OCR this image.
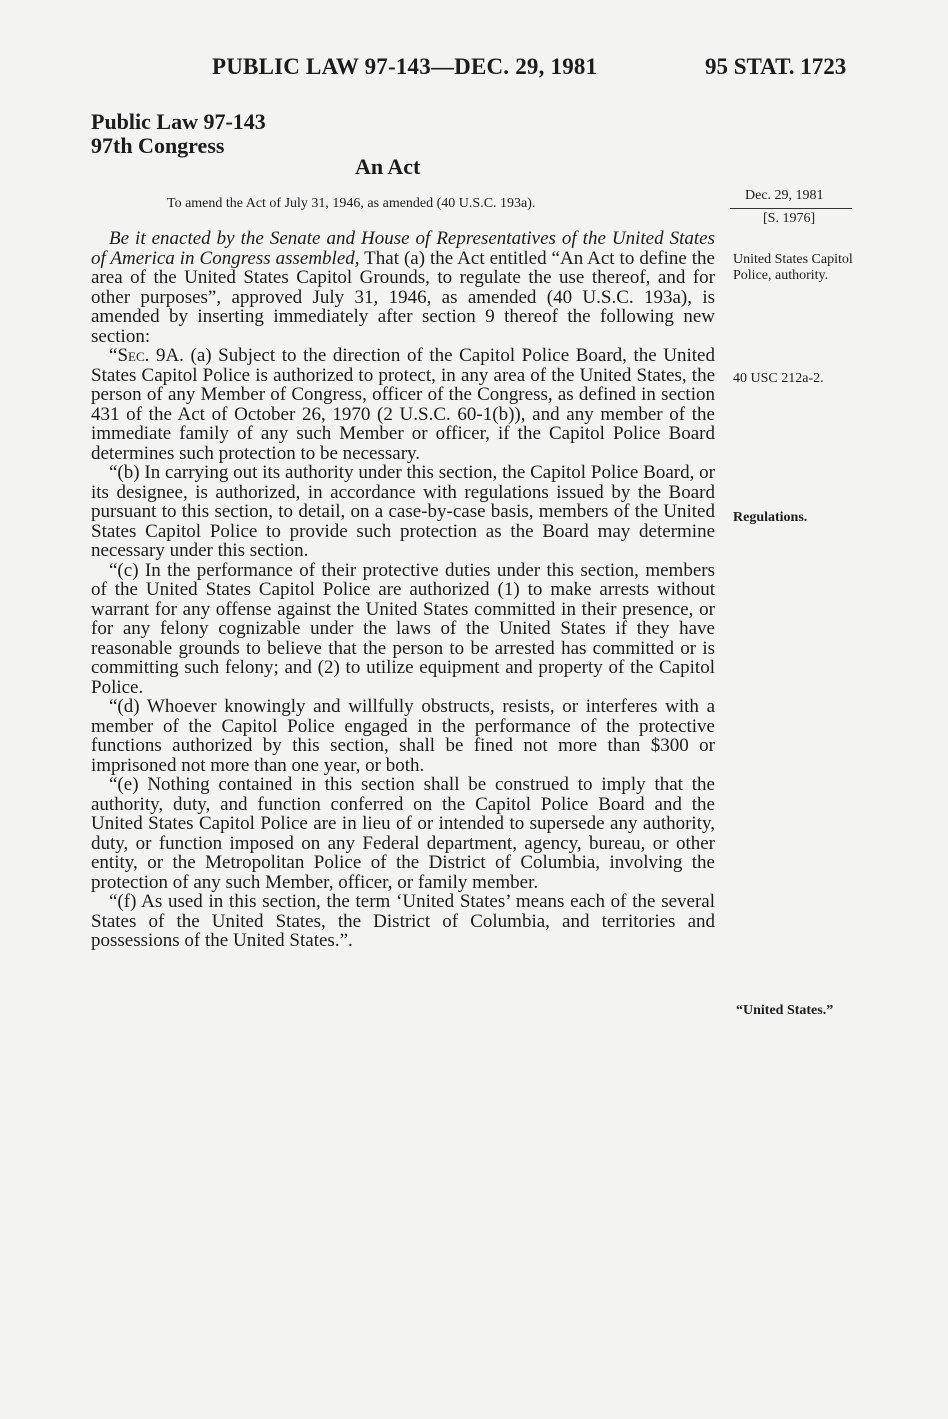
PUBLIC LAW 97-143—DEC. 29, 1981	95 STAT. 1723
Public Law 97-143
97th Congress
An Act
To amend the Act of July 31, 1946, as amended (40 U.S.C. 193a).
Dec. 29, 1981
[S. 1976]
United States Capitol Police, authority.
40 USC 212a-2.
Regulations.
“United States.”

Be it enacted by the Senate and House of Representatives of the United States of America in Congress assembled, That (a) the Act entitled “An Act to define the area of the United States Capitol Grounds, to regulate the use thereof, and for other purposes”, approved July 31, 1946, as amended (40 U.S.C. 193a), is amended by inserting immediately after section 9 thereof the following new section:

“Sec. 9A. (a) Subject to the direction of the Capitol Police Board, the United States Capitol Police is authorized to protect, in any area of the United States, the person of any Member of Congress, officer of the Congress, as defined in section 431 of the Act of October 26, 1970 (2 U.S.C. 60-1(b)), and any member of the immediate family of any such Member or officer, if the Capitol Police Board determines such protection to be necessary.

“(b) In carrying out its authority under this section, the Capitol Police Board, or its designee, is authorized, in accordance with regulations issued by the Board pursuant to this section, to detail, on a case-by-case basis, members of the United States Capitol Police to provide such protection as the Board may determine necessary under this section.

“(c) In the performance of their protective duties under this section, members of the United States Capitol Police are authorized (1) to make arrests without warrant for any offense against the United States committed in their presence, or for any felony cognizable under the laws of the United States if they have reasonable grounds to believe that the person to be arrested has committed or is committing such felony; and (2) to utilize equipment and property of the Capitol Police.

“(d) Whoever knowingly and willfully obstructs, resists, or interferes with a member of the Capitol Police engaged in the performance of the protective functions authorized by this section, shall be fined not more than $300 or imprisoned not more than one year, or both.

“(e) Nothing contained in this section shall be construed to imply that the authority, duty, and function conferred on the Capitol Police Board and the United States Capitol Police are in lieu of or intended to supersede any authority, duty, or function imposed on any Federal department, agency, bureau, or other entity, or the Metropolitan Police of the District of Columbia, involving the protection of any such Member, officer, or family member.

“(f) As used in this section, the term ‘United States’ means each of the several States of the United States, the District of Columbia, and territories and possessions of the United States.”.
